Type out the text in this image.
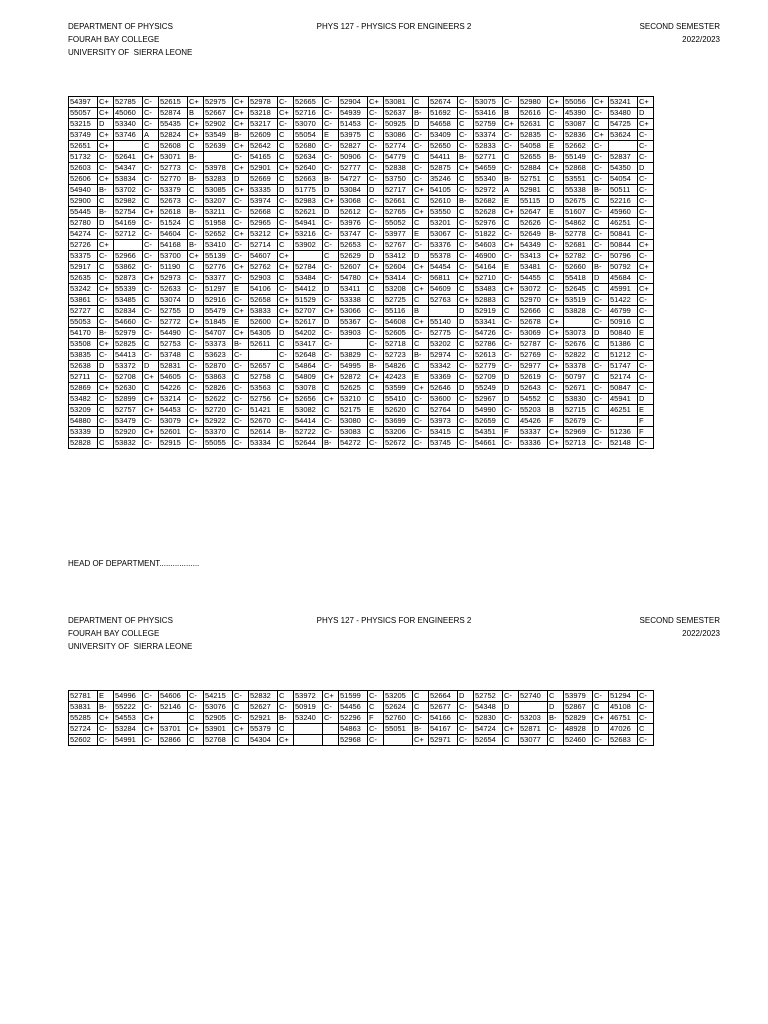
DEPARTMENT OF PHYSICS
FOURAH BAY COLLEGE
UNIVERSITY OF  SIERRA LEONE
PHYS 127 - PHYSICS FOR ENGINEERS 2	SECOND SEMESTER
2022/2023
54397	C+	52785	C-	52615	C+	52975	C+	52978	C-	52665	C-	52904	C+	53081	C	52674	C-	53075	C-	52980	C+	55056	C+	53241	C+
55057	C+	45060	C-	52874	B	52667	C+	53218	C+	52716	C-	54939	C-	52637	B-	51692	C-	53416	B	52616	C-	45390	C-	53480	D
53215	D	53340	C-	55435	C+	52902	C+	53217	C-	53070	C-	51453	C-	50925	D	54658	C	52759	C+	52631	C	53087	C	54725	C+
53749	C+	53746	A	52824	C+	53549	B-	52609	C	55054	E	53975	C	53086	C-	53409	C-	53374	C-	52835	C-	52836	C+	53624	C-
52651	C+		C	52608	C	52639	C+	52642	C	52680	C-	52827	C-	52774	C-	52650	C-	52833	C-	54058	E	52662	C-		C-
51732	C-	52641	C+	53071	B-		C-	54165	C	52634	C-	50906	C-	54779	C	54411	B-	52771	C	52655	B-	55149	C-	52837	C-
52603	C-	54347	C-	52773	C-	53978	C+	52901	C+	52640	C-	52777	C-	52838	C-	52875	C+	54659	C-	52884	C+	52868	C-	54350	D
52606	C+	53834	C-	52770	B-	53283	D	52669	C	52663	B-	54727	C-	53750	C-	35246	C	55340	B-	52751	C	53551	C-	54054	C-
54940	B-	53702	C-	53379	C	53085	C+	53335	D	51775	D	53084	D	52717	C+	54105	C-	52972	A	52981	C	55338	B-	50511	C-
52900	C	52982	C	52673	C-	53207	C-	53974	C-	52983	C+	53068	C-	52661	C	52610	B-	52682	E	55115	D	52675	C	52216	C-
55445	B-	52754	C+	52618	B-	53211	C-	52668	C	52621	D	52612	C-	52765	C+	53550	C	52628	C+	52647	E	51607	C-	45960	C-
52780	D	54169	C-	51524	C	51958	C-	52965	C-	54941	C-	53976	C-	55052	C	53201	C-	52976	C	52626	C-	54862	C	46251	C-
54274	C-	52712	C-	54604	C-	52652	C+	53212	C+	53216	C-	53747	C-	53977	E	53067	C-	51822	C-	52649	B-	52778	C-	50841	C-
52726	C+		C-	54168	B-	53410	C-	52714	C	53902	C-	52653	C-	52767	C-	53376	C-	54603	C+	54349	C-	52681	C-	50844	C+
53375	C-	52966	C-	53700	C+	55139	C-	54607	C+		C	52629	D	53412	D	55378	C-	46900	C-	53413	C+	52782	C-	50796	C-
52917	C	53862	C-	51190	C	52776	C+	52762	C+	52784	C-	52607	C+	52604	C+	54454	C-	54164	E	53481	C-	52660	B-	50792	C+
52635	C-	52873	C+	52973	C-	53377	C-	52903	C	53484	C-	54780	C+	53414	C-	56811	C+	52710	C-	54455	C	55418	D	45684	C-
53242	C+	55339	C-	52633	C-	51297	E	54106	C-	54412	D	53411	C	53208	C+	54609	C	53483	C+	53072	C-	52645	C	45991	C+
53861	C-	53485	C	53074	D	52916	C-	52658	C+	51529	C-	53338	C	52725	C	52763	C+	52883	C	52970	C+	53519	C-	51422	C-
52727	C	52834	C-	52755	D	55479	C+	53833	C+	52707	C+	53066	C-	55116	B		D	52919	C	52666	C	53828	C-	46799	C-
55053	C-	54660	C-	52772	C+	51845	E	52600	C+	52617	D	55367	C-	54608	C+	55140	D	53341	C-	52678	C+		C-	50916	C
54170	B-	52979	C-	54490	C-	54707	C+	54305	D	54202	C-	53903	C-	52605	C-	52775	C-	54726	C-	53069	C+	53073	D	50840	E
53508	C+	52825	C	52753	C-	53373	B-	52611	C	53417	C-		C-	52718	C	53202	C	52786	C-	52787	C-	52676	C	51386	C
53835	C-	54413	C-	53748	C	53623	C-		C-	52648	C-	53829	C-	52723	B-	52974	C-	52613	C-	52769	C-	52822	C	51212	C-
52638	D	53372	D	52831	C-	52870	C-	52657	C	54864	C-	54995	B-	54826	C	53342	C-	52779	C-	52977	C+	53378	C-	51747	C-
52711	C-	52708	C+	54605	C-	53863	C	52758	C	54809	C+	52872	C+	42423	E	53369	C-	52709	D	52619	C-	50797	C	52174	C-
52869	C+	52630	C	54226	C-	52826	C-	53563	C	53078	C	52625	C	53599	C+	52646	D	55249	D	52643	C-	52671	C-	50847	C-
53482	C-	52899	C+	53214	C-	52622	C-	52756	C+	52656	C+	53210	C	55410	C-	53600	C-	52967	D	54552	C	53830	C-	45941	D
53209	C	52757	C+	54453	C-	52720	C-	51421	E	53082	C	52175	E	52620	C	52764	D	54990	C-	55203	B	52715	C	46251	E
54880	C-	53479	C-	53079	C+	52922	C-	52670	C-	54414	C-	53080	C-	53699	C-	53973	C-	52659	C	45426	F	52679	C-		F
53339	D	52920	C+	52601	C-	53370	C	52614	B-	52722	C-	53083	C	53206	C-	53415	C	54351	F	53337	C+	52969	C-	51236	F
52828	C	53832	C-	52915	C-	55055	C-	53334	C	52644	B-	54272	C-	52672	C-	53745	C-	54661	C-	53336	C+	52713	C-	52148	C-
HEAD OF DEPARTMENT..................
DEPARTMENT OF PHYSICS
FOURAH BAY COLLEGE
UNIVERSITY OF  SIERRA LEONE
PHYS 127 - PHYSICS FOR ENGINEERS 2	SECOND SEMESTER
2022/2023
52781	E	54996	C-	54606	C-	54215	C-	52832	C	53972	C+	51599	C-	53205	C	52664	D	52752	C-	52740	C	53979	C-	51294	C-
53831	B-	55222	C-	52146	C-	53076	C	52627	C-	50919	C-	54456	C	52624	C	52677	C-	54348	D		D	52867	C	45108	C-
55285	C+	54553	C+		C	52905	C-	52921	B-	53240	C-	52296	F	52760	C-	54166	C-	52830	C-	53203	B-	52829	C+	46751	C-
52724	C-	53284	C+	53701	C+	53901	C+	55379	C			54863	C-	55051	B-	54167	C-	54724	C+	52871	C-	48928	D	47026	C
52602	C-	54991	C-	52866	C	52768	C	54304	C+			52968	C-		C+	52971	C-	52654	C	53077	C	52460	C-	52683	C-
